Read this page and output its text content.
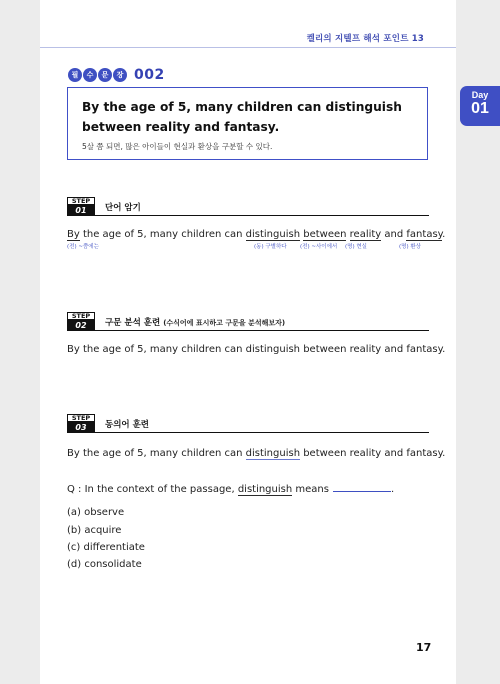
켈리의 지텔프 해석 포인트 13
필	수	문	장 002
By the age of 5, many children can distinguish between reality and fantasy.
5살 쯤 되면, 많은 아이들이 현실과 환상을 구분할 수 있다.
STEP
01	단어 암기
By the age of 5, many children can distinguish between reality and fantasy.
(전) ~쯤에는	(동) 구별하다 (전) ~사이에서 (명) 현실	(명) 환상
STEP
02	구문 분석 훈련 (수식어에 표시하고 구문을 분석해보자)
By the age of 5, many children can distinguish between reality and fantasy.
STEP
03	동의어 훈련
By the age of 5, many children can distinguish between reality and fantasy.
Q : In the context of the passage, distinguish means	.
(a) observe
(b) acquire
(c) differentiate
(d) consolidate
17
Day
01
